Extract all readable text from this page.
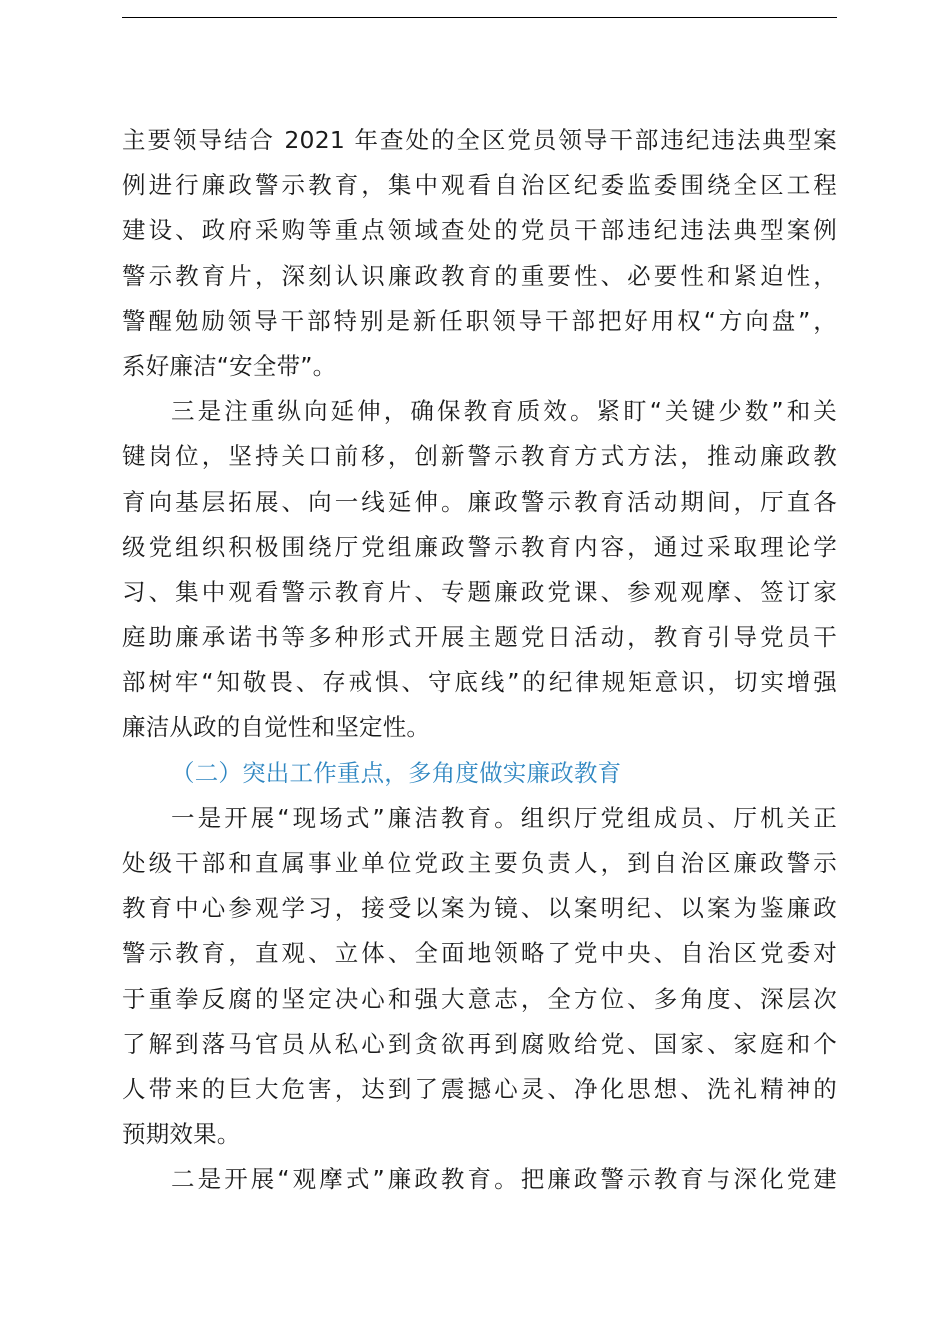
主要领导结合 2021 年查处的全区党员领导干部违纪违法典型案
例进行廉政警示教育，集中观看自治区纪委监委围绕全区工程
建设、政府采购等重点领域查处的党员干部违纪违法典型案例
警示教育片，深刻认识廉政教育的重要性、必要性和紧迫性，
警醒勉励领导干部特别是新任职领导干部把好用权“方向盘”，
系好廉洁“安全带”。
三是注重纵向延伸，确保教育质效。紧盯“关键少数”和关
键岗位，坚持关口前移，创新警示教育方式方法，推动廉政教
育向基层拓展、向一线延伸。廉政警示教育活动期间，厅直各
级党组织积极围绕厅党组廉政警示教育内容，通过采取理论学
习、集中观看警示教育片、专题廉政党课、参观观摩、签订家
庭助廉承诺书等多种形式开展主题党日活动，教育引导党员干
部树牢“知敬畏、存戒惧、守底线”的纪律规矩意识，切实增强
廉洁从政的自觉性和坚定性。
（二）突出工作重点，多角度做实廉政教育
一是开展“现场式”廉洁教育。组织厅党组成员、厅机关正
处级干部和直属事业单位党政主要负责人，到自治区廉政警示
教育中心参观学习，接受以案为镜、以案明纪、以案为鉴廉政
警示教育，直观、立体、全面地领略了党中央、自治区党委对
于重拳反腐的坚定决心和强大意志，全方位、多角度、深层次
了解到落马官员从私心到贪欲再到腐败给党、国家、家庭和个
人带来的巨大危害，达到了震撼心灵、净化思想、洗礼精神的
预期效果。
二是开展“观摩式”廉政教育。把廉政警示教育与深化党建
